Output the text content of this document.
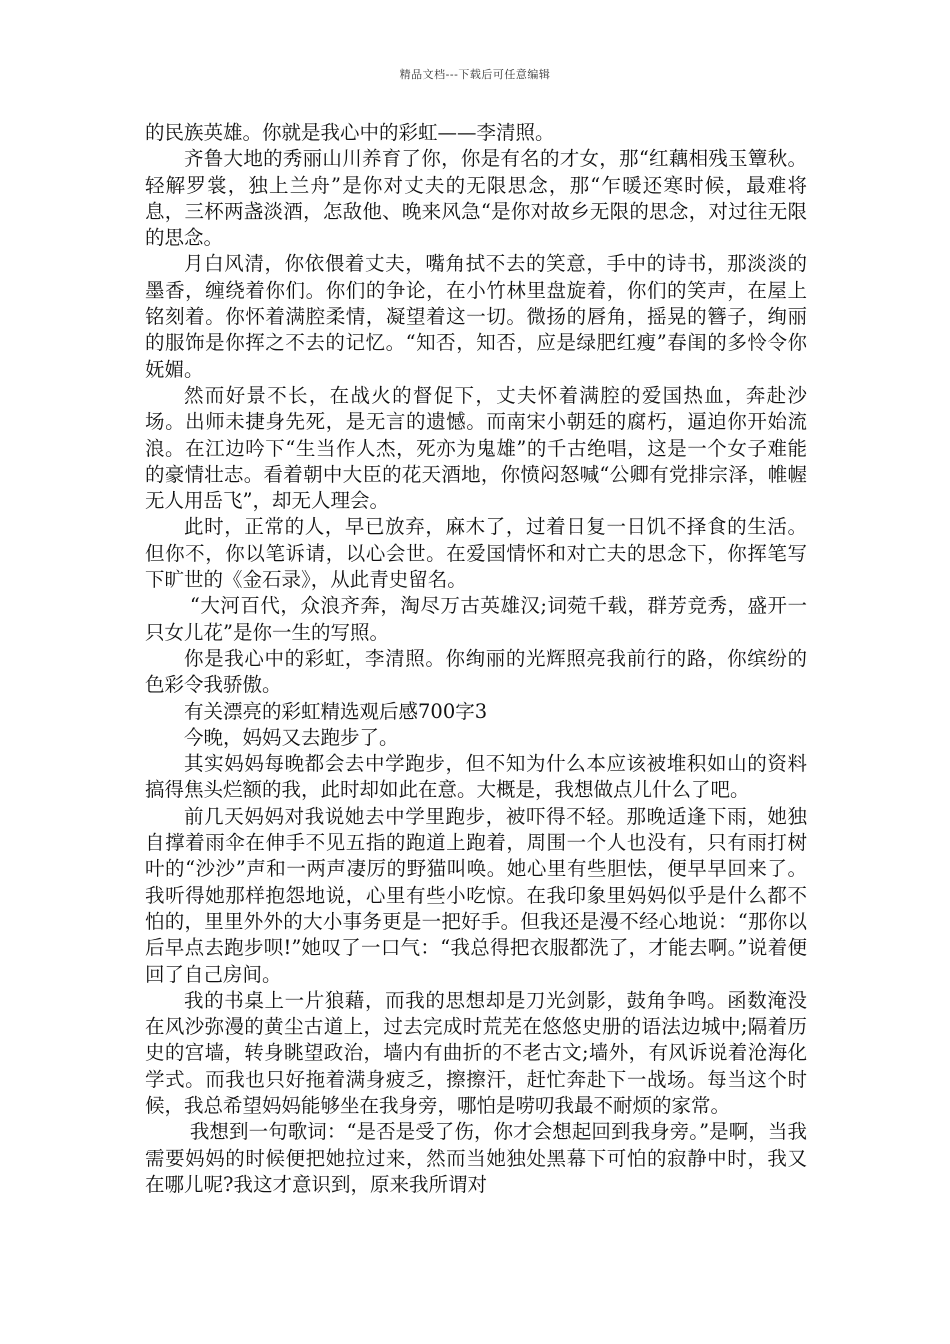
精品文档---下载后可任意编辑

的民族英雄。你就是我心中的彩虹——李清照。

齐鲁大地的秀丽山川养育了你，你是有名的才女，那“红藕相残玉簟秋。轻解罗裳，独上兰舟”是你对丈夫的无限思念，那“乍暖还寒时候，最难将息，三杯两盏淡酒，怎敌他、晚来风急“是你对故乡无限的思念，对过往无限的思念。

月白风清，你依偎着丈夫，嘴角拭不去的笑意，手中的诗书，那淡淡的墨香，缠绕着你们。你们的争论，在小竹林里盘旋着，你们的笑声，在屋上铭刻着。你怀着满腔柔情，凝望着这一切。微扬的唇角，摇晃的簪子，绚丽的服饰是你挥之不去的记忆。“知否，知否，应是绿肥红瘦”春闺的多怜令你妩媚。

然而好景不长，在战火的督促下，丈夫怀着满腔的爱国热血，奔赴沙场。出师未捷身先死，是无言的遗憾。而南宋小朝廷的腐朽，逼迫你开始流浪。在江边吟下“生当作人杰，死亦为鬼雄”的千古绝唱，这是一个女子难能的豪情壮志。看着朝中大臣的花天酒地，你愤闷怒喊“公卿有党排宗泽，帷幄无人用岳飞”，却无人理会。

此时，正常的人，早已放弃，麻木了，过着日复一日饥不择食的生活。但你不，你以笔诉请，以心会世。在爱国情怀和对亡夫的思念下，你挥笔写下旷世的《金石录》，从此青史留名。

“大河百代，众浪齐奔，淘尽万古英雄汉;词菀千载，群芳竞秀，盛开一只女儿花”是你一生的写照。

你是我心中的彩虹，李清照。你绚丽的光辉照亮我前行的路，你缤纷的色彩令我骄傲。

有关漂亮的彩虹精选观后感700字3

今晚，妈妈又去跑步了。

其实妈妈每晚都会去中学跑步，但不知为什么本应该被堆积如山的资料搞得焦头烂额的我，此时却如此在意。大概是，我想做点儿什么了吧。

前几天妈妈对我说她去中学里跑步，被吓得不轻。那晚适逢下雨，她独自撑着雨伞在伸手不见五指的跑道上跑着，周围一个人也没有，只有雨打树叶的“沙沙”声和一两声凄厉的野猫叫唤。她心里有些胆怯，便早早回来了。我听得她那样抱怨地说，心里有些小吃惊。在我印象里妈妈似乎是什么都不怕的，里里外外的大小事务更是一把好手。但我还是漫不经心地说：“那你以后早点去跑步呗!”她叹了一口气：“我总得把衣服都洗了，才能去啊。”说着便回了自己房间。

我的书桌上一片狼藉，而我的思想却是刀光剑影，鼓角争鸣。函数淹没在风沙弥漫的黄尘古道上，过去完成时荒芜在悠悠史册的语法边城中;隔着历史的宫墙，转身眺望政治，墙内有曲折的不老古文;墙外，有风诉说着沧海化学式。而我也只好拖着满身疲乏，擦擦汗，赶忙奔赴下一战场。每当这个时候，我总希望妈妈能够坐在我身旁，哪怕是唠叨我最不耐烦的家常。

我想到一句歌词：“是否是受了伤，你才会想起回到我身旁。”是啊，当我需要妈妈的时候便把她拉过来，然而当她独处黑幕下可怕的寂静中时，我又在哪儿呢?我这才意识到，原来我所谓对
